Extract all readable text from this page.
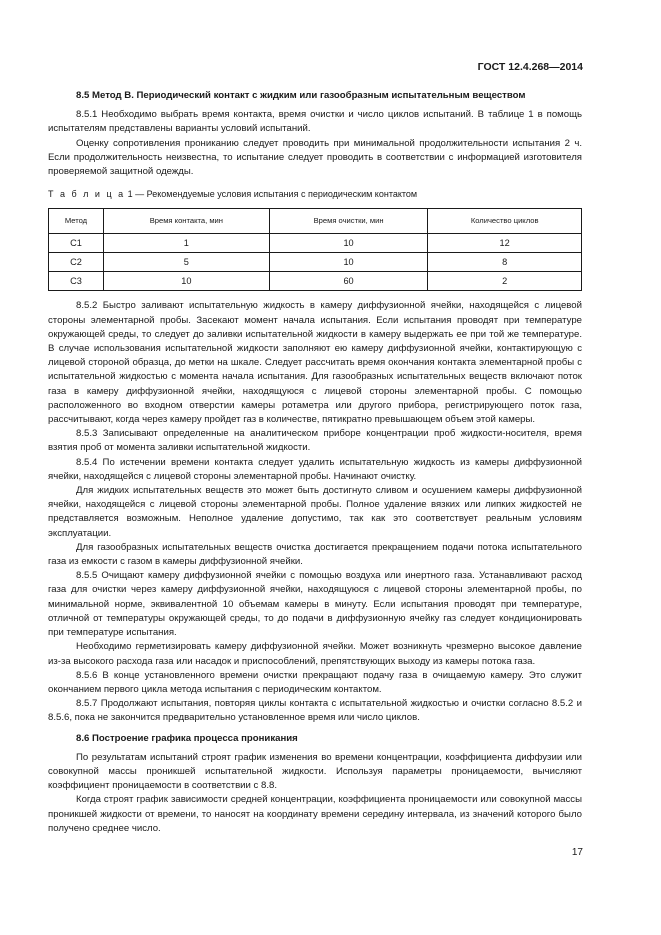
ГОСТ 12.4.268—2014
8.5 Метод В. Периодический контакт с жидким или газообразным испытательным веществом

8.5.1 Необходимо выбрать время контакта, время очистки и число циклов испытаний. В таблице 1 в помощь испытателям представлены варианты условий испытаний.

Оценку сопротивления прониканию следует проводить при минимальной продолжительности испытания 2 ч. Если продолжительность неизвестна, то испытание следует проводить в соответствии с информацией изготовителя проверяемой защитной одежды.

Т а б л и ц а 1 — Рекомендуемые условия испытания с периодическим контактом

Метод	Время контакта, мин	Время очистки, мин	Количество циклов
С1	1	10	12
С2	5	10	8
С3	10	60	2

8.5.2 Быстро заливают испытательную жидкость в камеру диффузионной ячейки, находящейся с лицевой стороны элементарной пробы. Засекают момент начала испытания. Если испытания проводят при температуре окружающей среды, то следует до заливки испытательной жидкости в камеру выдержать ее при той же температуре. В случае использования испытательной жидкости заполняют ею камеру диффузионной ячейки, контактирующую с лицевой стороной образца, до метки на шкале. Следует рассчитать время окончания контакта элементарной пробы с испытательной жидкостью с момента начала испытания. Для газообразных испытательных веществ включают поток газа в камеру диффузионной ячейки, находящуюся с лицевой стороны элементарной пробы. С помощью расположенного во входном отверстии камеры ротаметра или другого прибора, регистрирующего поток газа, рассчитывают, когда через камеру пройдет газ в количестве, пятикратно превышающем объем этой камеры.

8.5.3 Записывают определенные на аналитическом приборе концентрации проб жидкости-носителя, время взятия проб от момента заливки испытательной жидкости.

8.5.4 По истечении времени контакта следует удалить испытательную жидкость из камеры диффузионной ячейки, находящейся с лицевой стороны элементарной пробы. Начинают очистку.

Для жидких испытательных веществ это может быть достигнуто сливом и осушением камеры диффузионной ячейки, находящейся с лицевой стороны элементарной пробы. Полное удаление вязких или липких жидкостей не представляется возможным. Неполное удаление допустимо, так как это соответствует реальным условиям эксплуатации.

Для газообразных испытательных веществ очистка достигается прекращением подачи потока испытательного газа из емкости с газом в камеры диффузионной ячейки.

8.5.5 Очищают камеру диффузионной ячейки с помощью воздуха или инертного газа. Устанавливают расход газа для очистки через камеру диффузионной ячейки, находящуюся с лицевой стороны элементарной пробы, по минимальной норме, эквивалентной 10 объемам камеры в минуту. Если испытания проводят при температуре, отличной от температуры окружающей среды, то до подачи в диффузионную ячейку газ следует кондиционировать при температуре испытания.

Необходимо герметизировать камеру диффузионной ячейки. Может возникнуть чрезмерно высокое давление из-за высокого расхода газа или насадок и приспособлений, препятствующих выходу из камеры потока газа.

8.5.6 В конце установленного времени очистки прекращают подачу газа в очищаемую камеру. Это служит окончанием первого цикла метода испытания с периодическим контактом.

8.5.7 Продолжают испытания, повторяя циклы контакта с испытательной жидкостью и очистки согласно 8.5.2 и 8.5.6, пока не закончится предварительно установленное время или число циклов.

8.6 Построение графика процесса проникания

По результатам испытаний строят график изменения во времени концентрации, коэффициента диффузии или совокупной массы проникшей испытательной жидкости. Используя параметры проницаемости, вычисляют коэффициент проницаемости в соответствии с 8.8.

Когда строят график зависимости средней концентрации, коэффициента проницаемости или совокупной массы проникшей жидкости от времени, то наносят на координату времени середину интервала, из значений которого было получено среднее число.

17
